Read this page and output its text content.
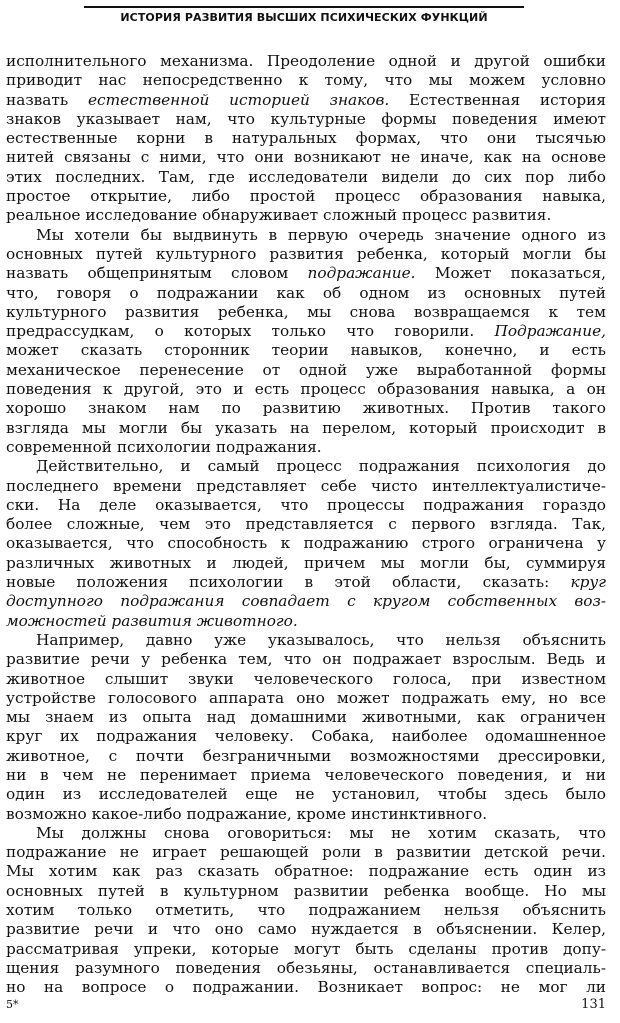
ИСТОРИЯ РАЗВИТИЯ ВЫСШИХ ПСИХИЧЕСКИХ ФУНКЦИЙ
исполнительного механизма. Преодоление одной и другой ошибки
приводит нас непосредственно к тому, что мы можем условно
назвать естественной историей знаков. Естественная история
знаков указывает нам, что культурные формы поведения имеют
естественные корни в натуральных формах, что они тысячью
нитей связаны с ними, что они возникают не иначе, как на основе
этих последних. Там, где исследователи видели до сих пор либо
простое открытие, либо простой процесс образования навыка,
реальное исследование обнаруживает сложный процесс развития.
Мы хотели бы выдвинуть в первую очередь значение одного из
основных путей культурного развития ребенка, который могли бы
назвать общепринятым словом подражание. Может показаться,
что, говоря о подражании как об одном из основных путей
культурного развития ребенка, мы снова возвращаемся к тем
предрассудкам, о которых только что говорили. Подражание,
может сказать сторонник теории навыков, конечно, и есть
механическое перенесение от одной уже выработанной формы
поведения к другой, это и есть процесс образования навыка, а он
хорошо знаком нам по развитию животных. Против такого
взгляда мы могли бы указать на перелом, который происходит в
современной психологии подражания.
Действительно, и самый процесс подражания психология до
последнего времени представляет себе чисто интеллектуалистиче-
ски. На деле оказывается, что процессы подражания гораздо
более сложные, чем это представляется с первого взгляда. Так,
оказывается, что способность к подражанию строго ограничена у
различных животных и людей, причем мы могли бы, суммируя
новые положения психологии в этой области, сказать: круг
доступного подражания совпадает с кругом собственных воз-
можностей развития животного.
Например, давно уже указывалось, что нельзя объяснить
развитие речи у ребенка тем, что он подражает взрослым. Ведь и
животное слышит звуки человеческого голоса, при известном
устройстве голосового аппарата оно может подражать ему, но все
мы знаем из опыта над домашними животными, как ограничен
круг их подражания человеку. Собака, наиболее одомашненное
животное, с почти безграничными возможностями дрессировки,
ни в чем не перенимает приема человеческого поведения, и ни
один из исследователей еще не установил, чтобы здесь было
возможно какое-либо подражание, кроме инстинктивного.
Мы должны снова оговориться: мы не хотим сказать, что
подражание не играет решающей роли в развитии детской речи.
Мы хотим как раз сказать обратное: подражание есть один из
основных путей в культурном развитии ребенка вообще. Но мы
хотим только отметить, что подражанием нельзя объяснить
развитие речи и что оно само нуждается в объяснении. Келер,
рассматривая упреки, которые могут быть сделаны против допу-
щения разумного поведения обезьяны, останавливается специаль-
но на вопросе о подражании. Возникает вопрос: не мог ли
5*	131
